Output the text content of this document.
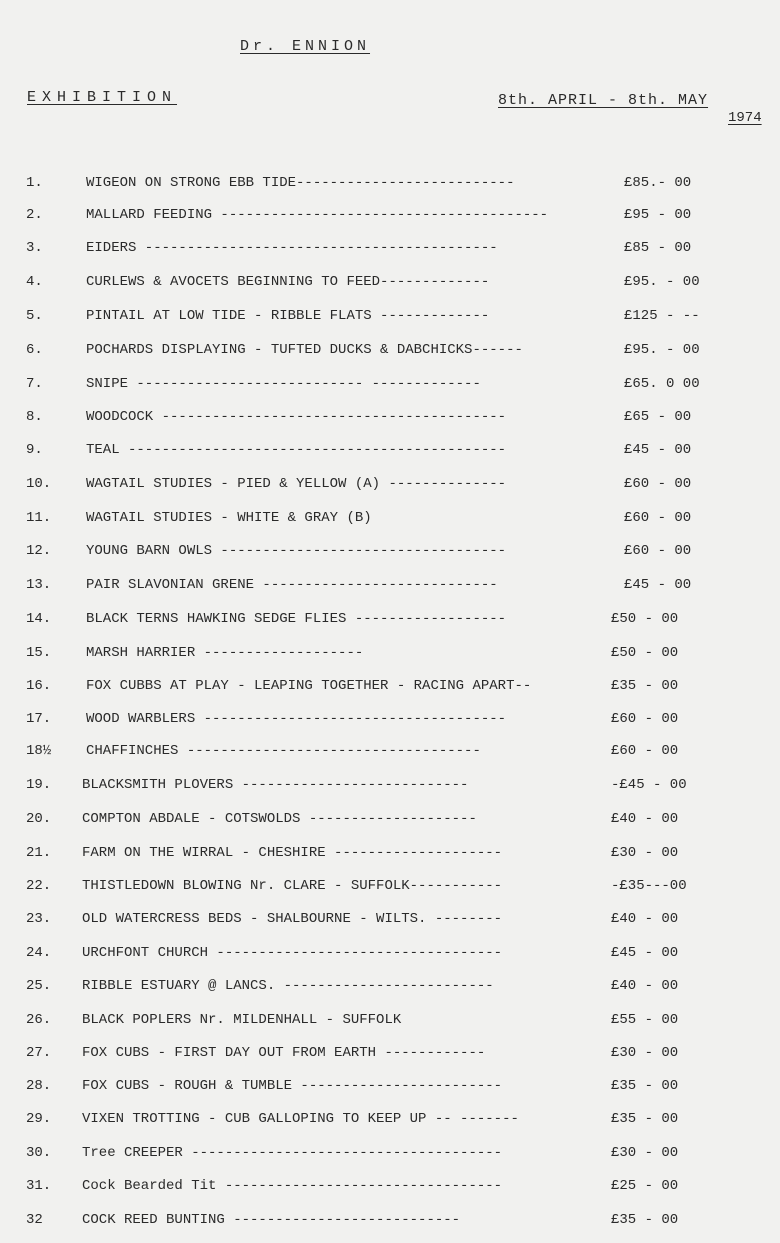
Dr. ENNION
EXHIBITION	8th. APRIL - 8th. MAY
1974
1.	WIGEON ON STRONG EBB TIDE--------------------------	£85.- 00
2.	MALLARD FEEDING ---------------------------------------	£95 - 00
3.	EIDERS ------------------------------------------	£85 - 00
4.	CURLEWS & AVOCETS BEGINNING TO FEED-------------	£95. - 00
5.	PINTAIL AT LOW TIDE - RIBBLE FLATS -------------	£125 - --
6.	POCHARDS DISPLAYING - TUFTED DUCKS & DABCHICKS------	£95. - 00
7.	SNIPE --------------------------- -------------	£65. 0 00
8.	WOODCOCK -----------------------------------------	£65 - 00
9.	TEAL ---------------------------------------------	£45 - 00
10. WAGTAIL STUDIES - PIED & YELLOW (A) --------------	£60 - 00
11. WAGTAIL STUDIES - WHITE & GRAY (B)	£60 - 00
12. YOUNG BARN OWLS ----------------------------------	£60 - 00
13. PAIR SLAVONIAN GRENE ----------------------------	£45 - 00
14. BLACK TERNS HAWKING SEDGE FLIES ------------------	£50 - 00
15. MARSH HARRIER -------------------	£50 - 00
16. FOX CUBBS AT PLAY - LEAPING TOGETHER - RACING APART--	£35 - 00
17. WOOD WARBLERS ------------------------------------	£60 - 00
18½ CHAFFINCHES -----------------------------------	£60 - 00
19. BLACKSMITH PLOVERS ---------------------------	-£45 - 00
20. COMPTON ABDALE - COTSWOLDS --------------------	£40 - 00
21. FARM ON THE WIRRAL - CHESHIRE --------------------	£30 - 00
22. THISTLEDOWN BLOWING Nr. CLARE - SUFFOLK-----------	-£35---00
23. OLD WATERCRESS BEDS - SHALBOURNE - WILTS. --------	£40 - 00
24. URCHFONT CHURCH ----------------------------------	£45 - 00
25. RIBBLE ESTUARY @ LANCS. -------------------------	£40 - 00
26. BLACK POPLERS Nr. MILDENHALL - SUFFOLK	£55 - 00
27. FOX CUBS - FIRST DAY OUT FROM EARTH ------------	£30 - 00
28. FOX CUBS - ROUGH & TUMBLE ------------------------	£35 - 00
29. VIXEN TROTTING - CUB GALLOPING TO KEEP UP -- -------	£35 - 00
30. Tree CREEPER -------------------------------------	£30 - 00
31. Cock Bearded Tit ---------------------------------	£25 - 00
32	COCK REED BUNTING ---------------------------	£35 - 00
